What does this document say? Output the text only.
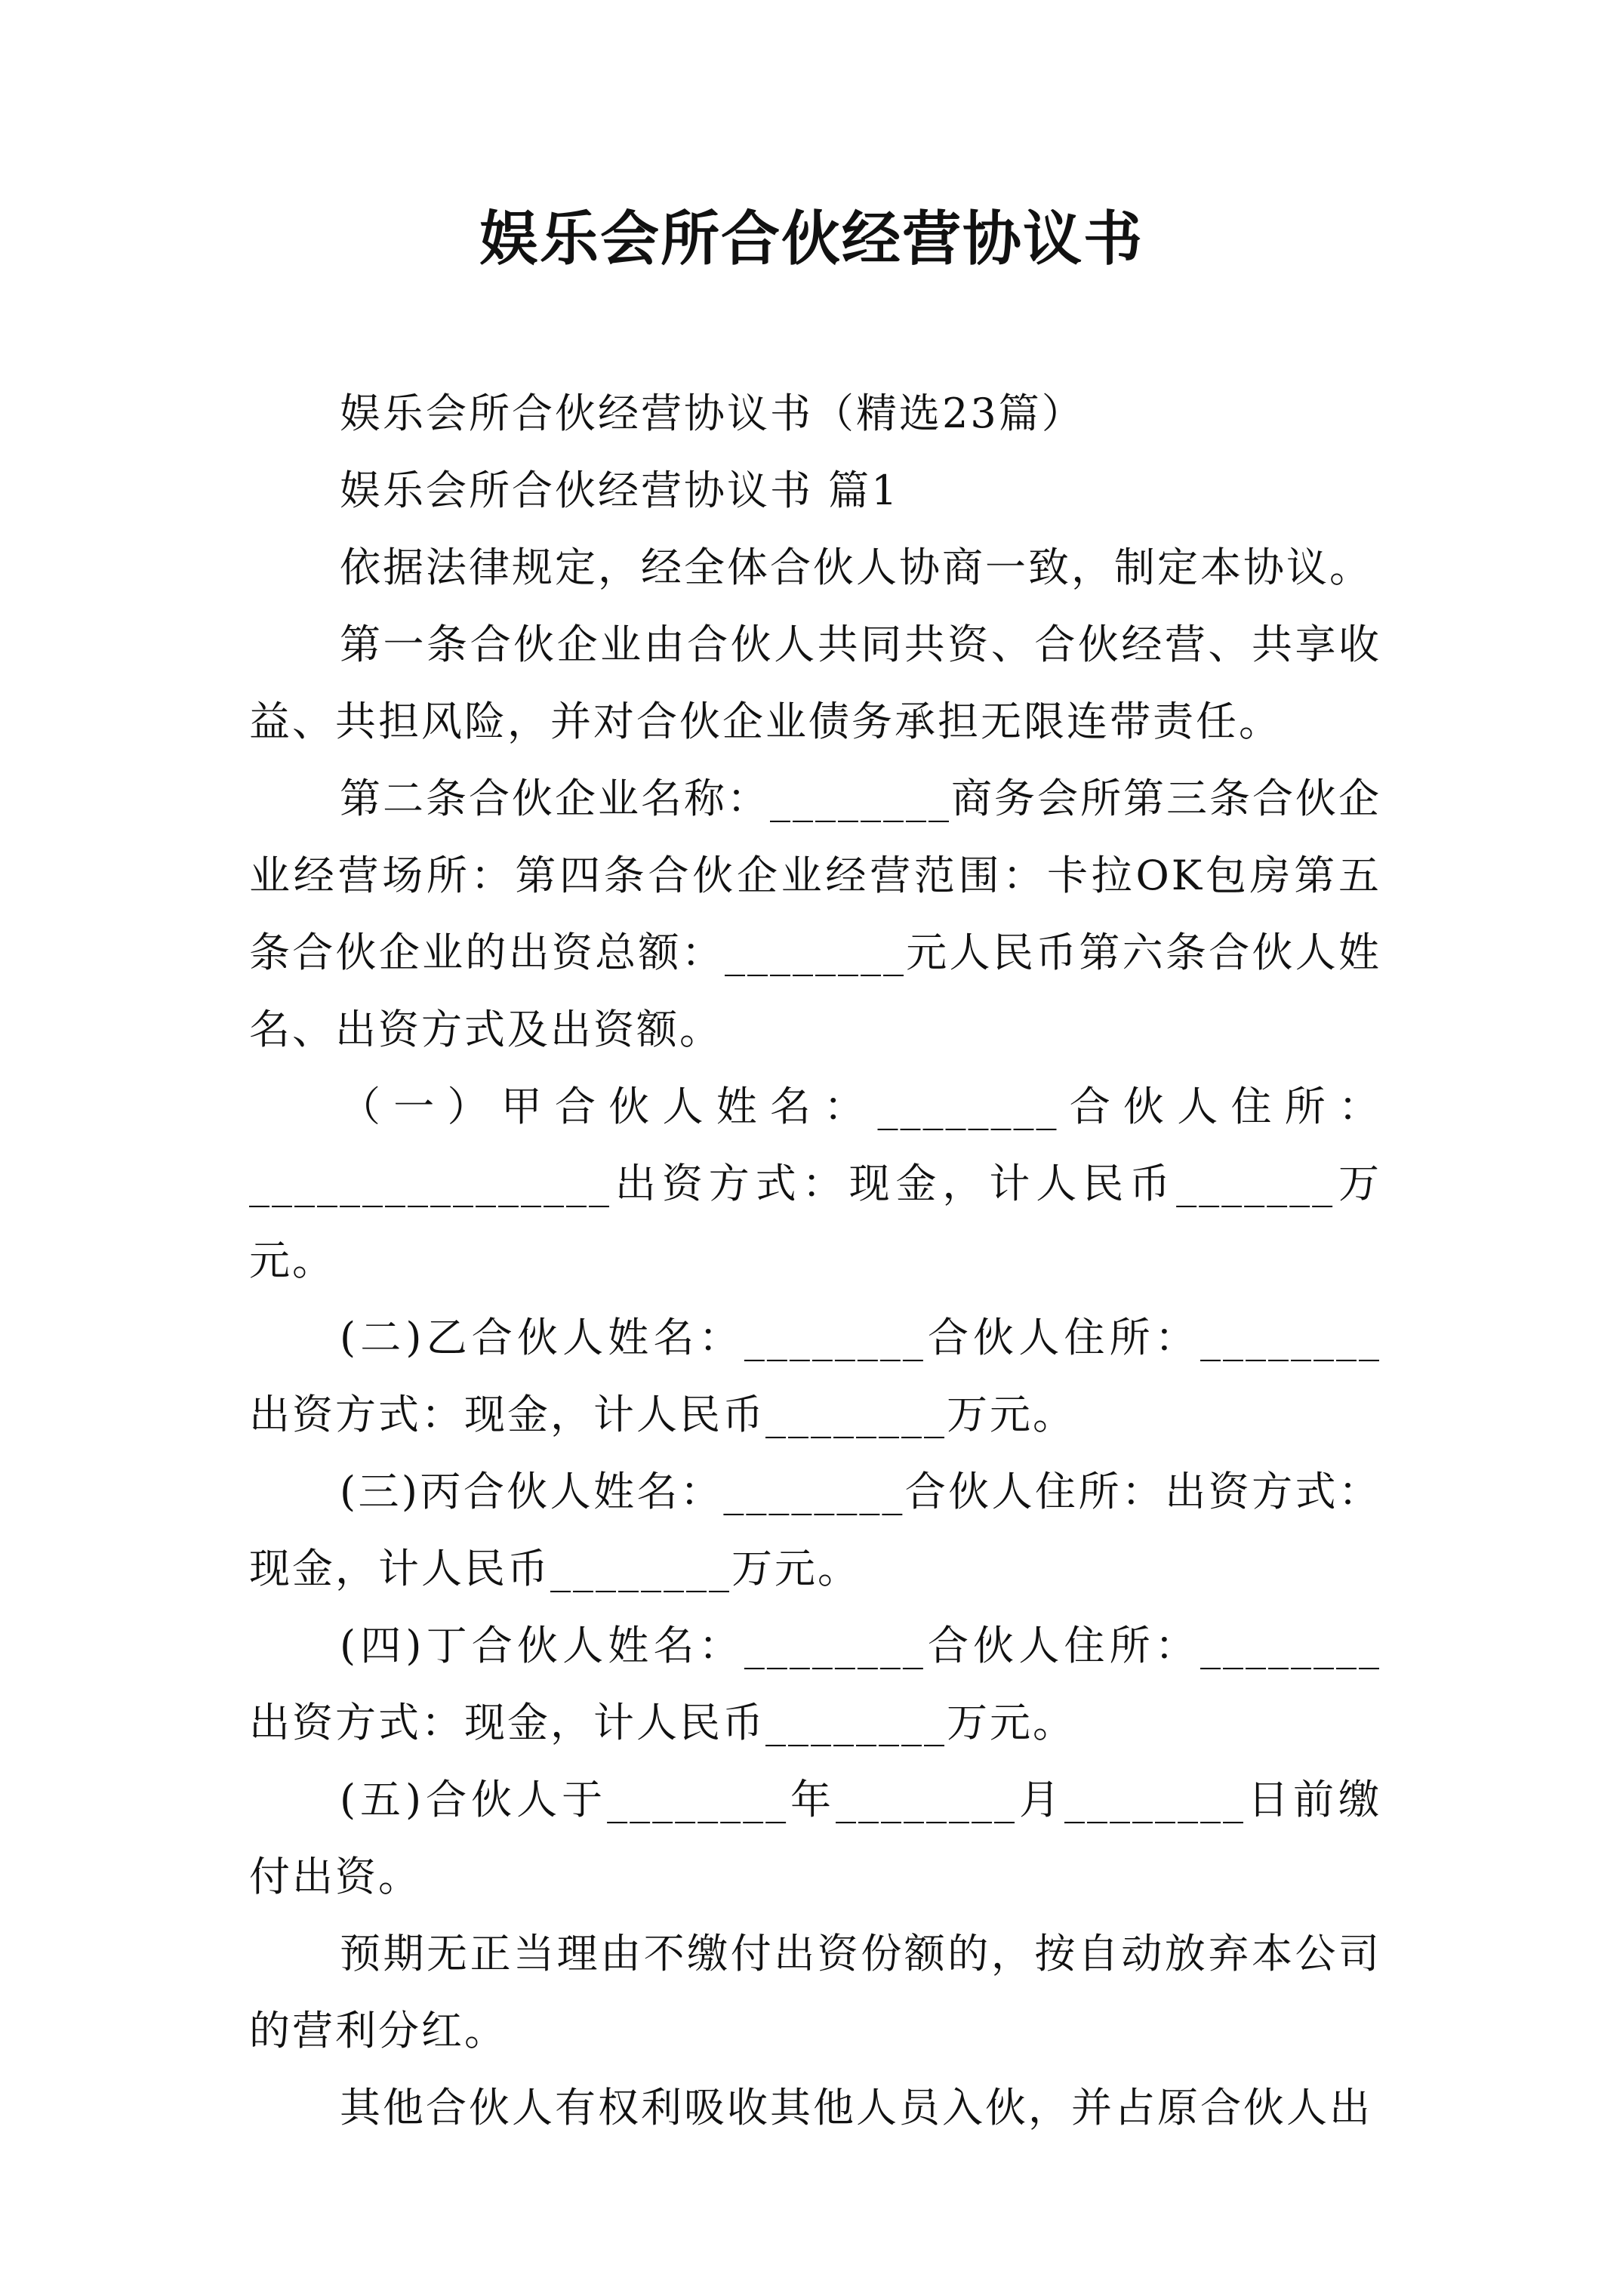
娱乐会所合伙经营协议书

娱乐会所合伙经营协议书（精选23篇）

娱乐会所合伙经营协议书 篇1

依据法律规定，经全体合伙人协商一致，制定本协议。

第一条合伙企业由合伙人共同共资、合伙经营、共享收益、共担风险，并对合伙企业债务承担无限连带责任。

第二条合伙企业名称：________商务会所第三条合伙企业经营场所：第四条合伙企业经营范围：卡拉OK包房第五条合伙企业的出资总额：________元人民币第六条合伙人姓名、出资方式及出资额。

（一）甲合伙人姓名：________合伙人住所：________________出资方式：现金，计人民币_______万元。

(二)乙合伙人姓名：________合伙人住所：________出资方式：现金，计人民币________万元。

(三)丙合伙人姓名：________合伙人住所：出资方式：现金，计人民币________万元。

(四)丁合伙人姓名：________合伙人住所：________出资方式：现金，计人民币________万元。

(五)合伙人于________年________月________日前缴付出资。

预期无正当理由不缴付出资份额的，按自动放弃本公司的营利分红。

其他合伙人有权利吸收其他人员入伙，并占原合伙人出
